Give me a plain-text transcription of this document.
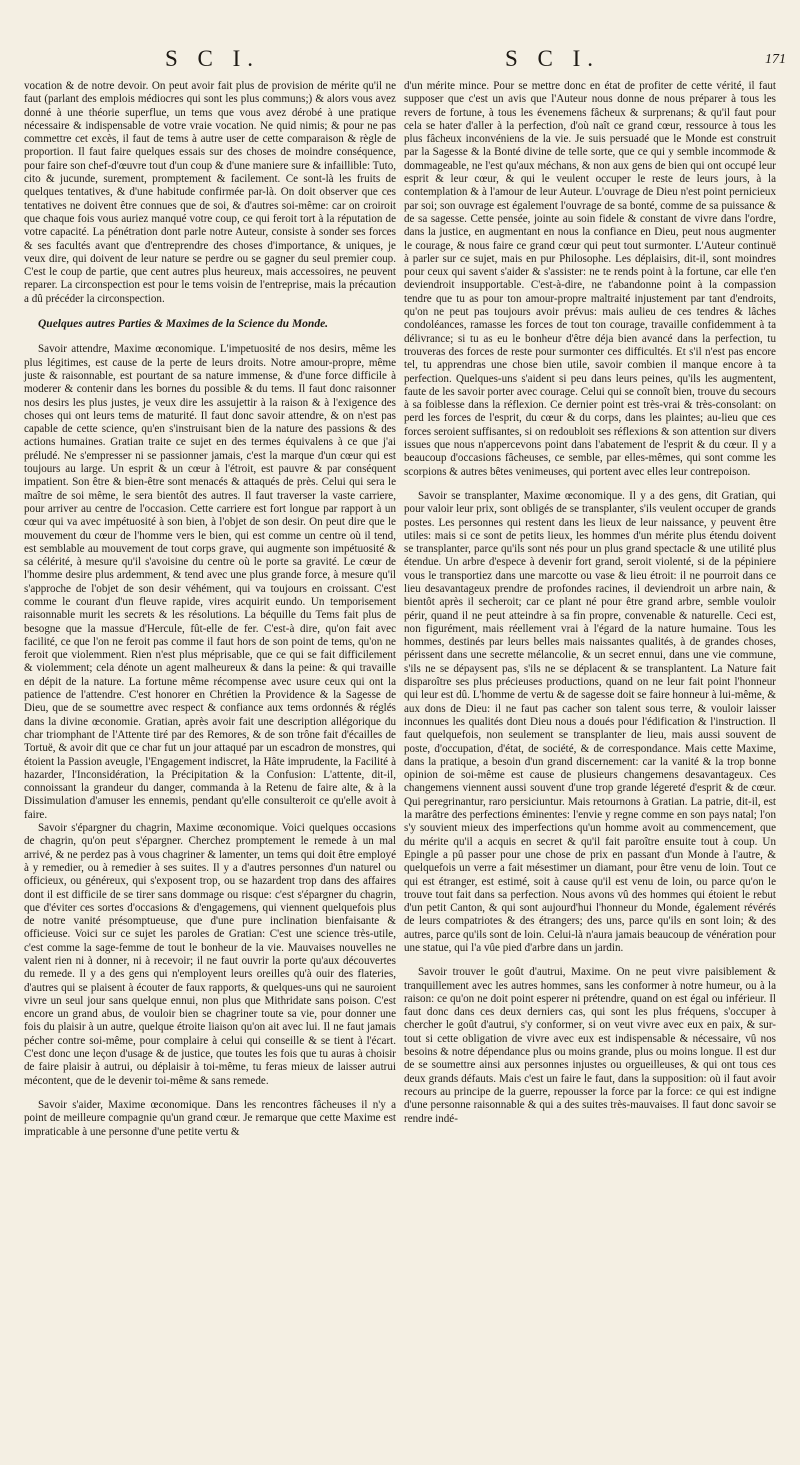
S C I.	S C I.	171

vocation & de notre devoir. On peut avoir fait plus de provision de mérite qu'il ne faut (parlant des emplois médiocres qui sont les plus communs;) & alors vous avez donné à une théorie superflue, un tems que vous avez dérobé à une pratique nécessaire & indispensable de votre vraie vocation. Ne quid nimis; & pour ne pas commettre cet excès, il faut de tems à autre user de cette comparaison & règle de proportion. Il faut faire quelques essais sur des choses de moindre conséquence, pour faire son chef-d'œuvre tout d'un coup & d'une maniere sure & infaillible: Tuto, cito & jucunde, surement, promptement & facilement. Ce sont-là les fruits de quelques tentatives, & d'une habitude confirmée par-là. On doit observer que ces tentatives ne doivent être connues que de soi, & d'autres soi-même: car on croiroit que chaque fois vous auriez manqué votre coup, ce qui feroit tort à la réputation de votre capacité. La pénétration dont parle notre Auteur, consiste à sonder ses forces & ses facultés avant que d'entreprendre des choses d'importance, & uniques, je veux dire, qui doivent de leur nature se perdre ou se gagner du seul premier coup. C'est le coup de partie, que cent autres plus heureux, mais accessoires, ne peuvent reparer. La circonspection est pour le tems voisin de l'entreprise, mais la précaution a dû précéder la circonspection.

Quelques autres Parties & Maximes de la Science du Monde.

Savoir attendre, Maxime œconomique. L'impetuosité de nos desirs, même les plus légitimes, est cause de la perte de leurs droits. Notre amour-propre, même juste & raisonnable, est pourtant de sa nature immense, & d'une force difficile à moderer & contenir dans les bornes du possible & du tems. Il faut donc raisonner nos desirs les plus justes, je veux dire les assujettir à la raison & à l'exigence des choses qui ont leurs tems de maturité. Il faut donc savoir attendre, & on n'est pas capable de cette science, qu'en s'instruisant bien de la nature des passions & des actions humaines. Gratian traite ce sujet en des termes équivalens à ce que j'ai préludé. Ne s'empresser ni se passionner jamais, c'est la marque d'un cœur qui est toujours au large. Un esprit & un cœur à l'étroit, est pauvre & par conséquent impatient. Son être & bien-être sont menacés & attaqués de près. Celui qui sera le maître de soi même, le sera bientôt des autres. Il faut traverser la vaste carriere, pour arriver au centre de l'occasion. Cette carriere est fort longue par rapport à un cœur qui va avec impétuosité à son bien, à l'objet de son desir. On peut dire que le mouvement du cœur de l'homme vers le bien, qui est comme un centre où il tend, est semblable au mouvement de tout corps grave, qui augmente son impétuosité & sa célérité, à mesure qu'il s'avoisine du centre où le porte sa gravité. Le cœur de l'homme desire plus ardemment, & tend avec une plus grande force, à mesure qu'il s'approche de l'objet de son desir véhément, qui va toujours en croissant. C'est comme le courant d'un fleuve rapide, vires acquirit eundo. Un temporisement raisonnable murit les secrets & les résolutions. La béquille du Tems fait plus de besogne que la massue d'Hercule, fût-elle de fer. C'est-à dire, qu'on fait avec facilité, ce que l'on ne feroit pas comme il faut hors de son point de tems, qu'on ne feroit que violemment. Rien n'est plus méprisable, que ce qui se fait difficilement & violemment; cela dénote un agent malheureux & dans la peine: & qui travaille en dépit de la nature. La fortune même récompense avec usure ceux qui ont la patience de l'attendre. C'est honorer en Chrétien la Providence & la Sagesse de Dieu, que de se soumettre avec respect & confiance aux tems ordonnés & réglés dans la divine œconomie. Gratian, après avoir fait une description allégorique du char triomphant de l'Attente tiré par des Remores, & de son trône fait d'écailles de Tortuë, & avoir dit que ce char fut un jour attaqué par un escadron de monstres, qui étoient la Passion aveugle, l'Engagement indiscret, la Hâte imprudente, la Facilité à hazarder, l'Inconsidération, la Précipitation & la Confusion: L'attente, dit-il, connoissant la grandeur du danger, commanda à la Retenu de faire alte, & à la Dissimulation d'amuser les ennemis, pendant qu'elle consulteroit ce qu'elle avoit à faire.

Savoir s'épargner du chagrin, Maxime œconomique. Voici quelques occasions de chagrin, qu'on peut s'épargner. Cherchez promptement le remede à un mal arrivé, & ne perdez pas à vous chagriner & lamenter, un tems qui doit être employé à y remedier, ou à remedier à ses suites. Il y a d'autres personnes d'un naturel ou officieux, ou généreux, qui s'exposent trop, ou se hazardent trop dans des affaires dont il est difficile de se tirer sans dommage ou risque: c'est s'épargner du chagrin, que d'éviter ces sortes d'occasions & d'engagemens, qui viennent quelquefois plus de notre vanité présomptueuse, que d'une pure inclination bienfaisante & officieuse. Voici sur ce sujet les paroles de Gratian: C'est une science très-utile, c'est comme la sage-femme de tout le bonheur de la vie. Mauvaises nouvelles ne valent rien ni à donner, ni à recevoir; il ne faut ouvrir la porte qu'aux découvertes du remede. Il y a des gens qui n'employent leurs oreilles qu'à ouir des flateries, d'autres qui se plaisent à écouter de faux rapports, & quelques-uns qui ne sauroient vivre un seul jour sans quelque ennui, non plus que Mithridate sans poison. C'est encore un grand abus, de vouloir bien se chagriner toute sa vie, pour donner une fois du plaisir à un autre, quelque étroite liaison qu'on ait avec lui. Il ne faut jamais pécher contre soi-même, pour complaire à celui qui conseille & se tient à l'écart. C'est donc une leçon d'usage & de justice, que toutes les fois que tu auras à choisir de faire plaisir à autrui, ou déplaisir à toi-même, tu feras mieux de laisser autrui mécontent, que de le devenir toi-même & sans remede.

Savoir s'aider, Maxime œconomique. Dans les rencontres fâcheuses il n'y a point de meilleure compagnie qu'un grand cœur. Je remarque que cette Maxime est impraticable à une personne d'une petite vertu &

d'un mérite mince. Pour se mettre donc en état de profiter de cette vérité, il faut supposer que c'est un avis que l'Auteur nous donne de nous préparer à tous les revers de fortune, à tous les évenemens fâcheux & surprenans; & qu'il faut pour cela se hater d'aller à la perfection, d'où naît ce grand cœur, ressource à tous les plus fâcheux inconvéniens de la vie. Je suis persuadé que le Monde est construit par la Sagesse & la Bonté divine de telle sorte, que ce qui y semble incommode & dommageable, ne l'est qu'aux méchans, & non aux gens de bien qui ont occupé leur esprit & leur cœur, & qui le veulent occuper le reste de leurs jours, à la contemplation & à l'amour de leur Auteur. L'ouvrage de Dieu n'est point pernicieux par soi; son ouvrage est également l'ouvrage de sa bonté, comme de sa puissance & de sa sagesse. Cette pensée, jointe au soin fidele & constant de vivre dans l'ordre, dans la justice, en augmentant en nous la confiance en Dieu, peut nous augmenter le courage, & nous faire ce grand cœur qui peut tout surmonter. L'Auteur continuë à parler sur ce sujet, mais en pur Philosophe. Les déplaisirs, dit-il, sont moindres pour ceux qui savent s'aider & s'assister: ne te rends point à la fortune, car elle t'en deviendroit insupportable. C'est-à-dire, ne t'abandonne point à la compassion tendre que tu as pour ton amour-propre maltraité injustement par tant d'endroits, qu'on ne peut pas toujours avoir prévus: mais aulieu de ces tendres & lâches condoléances, ramasse les forces de tout ton courage, travaille confidemment à ta délivrance; si tu as eu le bonheur d'être déja bien avancé dans la perfection, tu trouveras des forces de reste pour surmonter ces difficultés. Et s'il n'est pas encore tel, tu apprendras une chose bien utile, savoir combien il manque encore à ta perfection. Quelques-uns s'aident si peu dans leurs peines, qu'ils les augmentent, faute de les savoir porter avec courage. Celui qui se connoît bien, trouve du secours à sa foiblesse dans la réflexion. Ce dernier point est très-vrai & très-consolant: on perd les forces de l'esprit, du cœur & du corps, dans les plaintes; au-lieu que ces forces seroient suffisantes, si on redoubloit ses réflexions & son attention sur divers issues que nous n'appercevons point dans l'abatement de l'esprit & du cœur. Il y a beaucoup d'occasions fâcheuses, ce semble, par elles-mêmes, qui sont comme les scorpions & autres bêtes venimeuses, qui portent avec elles leur contrepoison.

Savoir se transplanter, Maxime œconomique. Il y a des gens, dit Gratian, qui pour valoir leur prix, sont obligés de se transplanter, s'ils veulent occuper de grands postes. Les personnes qui restent dans les lieux de leur naissance, y peuvent être utiles: mais si ce sont de petits lieux, les hommes d'un mérite plus étendu doivent se transplanter, parce qu'ils sont nés pour un plus grand spectacle & une utilité plus étendue. Un arbre d'espece à devenir fort grand, seroit violenté, si de la pépiniere vous le transportiez dans une marcotte ou vase & lieu étroit: il ne pourroit dans ce lieu desavantageux prendre de profondes racines, il deviendroit un arbre nain, & bientôt après il secheroit; car ce plant né pour être grand arbre, semble vouloir périr, quand il ne peut atteindre à sa fin propre, convenable & naturelle. Ceci est, non figurément, mais réellement vrai à l'égard de la nature humaine. Tous les hommes, destinés par leurs belles mais naissantes qualités, à de grandes choses, périssent dans une secrette mélancolie, & un secret ennui, dans une vie commune, s'ils ne se dépaysent pas, s'ils ne se déplacent & se transplantent. La Nature fait disparoître ses plus précieuses productions, quand on ne leur fait point l'honneur qui leur est dû. L'homme de vertu & de sagesse doit se faire honneur à lui-même, & aux dons de Dieu: il ne faut pas cacher son talent sous terre, & vouloir laisser inconnues les qualités dont Dieu nous a doués pour l'édification & l'instruction. Il faut quelquefois, non seulement se transplanter de lieu, mais aussi souvent de poste, d'occupation, d'état, de société, & de correspondance. Mais cette Maxime, dans la pratique, a besoin d'un grand discernement: car la vanité & la trop bonne opinion de soi-même est cause de plusieurs changemens desavantageux. Ces changemens viennent aussi souvent d'une trop grande légereté d'esprit & de cœur. Qui peregrinantur, raro persiciuntur. Mais retournons à Gratian. La patrie, dit-il, est la marâtre des perfections éminentes: l'envie y regne comme en son pays natal; l'on s'y souvient mieux des imperfections qu'un homme avoit au commencement, que du mérite qu'il a acquis en secret & qu'il fait paroître ensuite tout à coup. Un Epingle a pû passer pour une chose de prix en passant d'un Monde à l'autre, & quelquefois un verre a fait mésestimer un diamant, pour être venu de loin. Tout ce qui est étranger, est estimé, soit à cause qu'il est venu de loin, ou parce qu'on le trouve tout fait dans sa perfection. Nous avons vû des hommes qui étoient le rebut d'un petit Canton, & qui sont aujourd'hui l'honneur du Monde, également révérés de leurs compatriotes & des étrangers; des uns, parce qu'ils en sont loin; & des autres, parce qu'ils sont de loin. Celui-là n'aura jamais beaucoup de vénération pour une statue, qui l'a vûe pied d'arbre dans un jardin.

Savoir trouver le goût d'autrui, Maxime. On ne peut vivre paisiblement & tranquillement avec les autres hommes, sans les conformer à notre humeur, ou à la raison: ce qu'on ne doit point esperer ni prétendre, quand on est égal ou inférieur. Il faut donc dans ces deux derniers cas, qui sont les plus fréquens, s'occuper à chercher le goût d'autrui, s'y conformer, si on veut vivre avec eux en paix, & sur-tout si cette obligation de vivre avec eux est indispensable & nécessaire, vû nos besoins & notre dépendance plus ou moins grande, plus ou moins longue. Il est dur de se soumettre ainsi aux personnes injustes ou orgueilleuses, & qui ont tous ces deux grands défauts. Mais c'est un faire le faut, dans la supposition: où il faut avoir recours au principe de la guerre, repousser la force par la force: ce qui est indigne d'une personne raisonnable & qui a des suites très-mauvaises. Il faut donc savoir se rendre indé-
